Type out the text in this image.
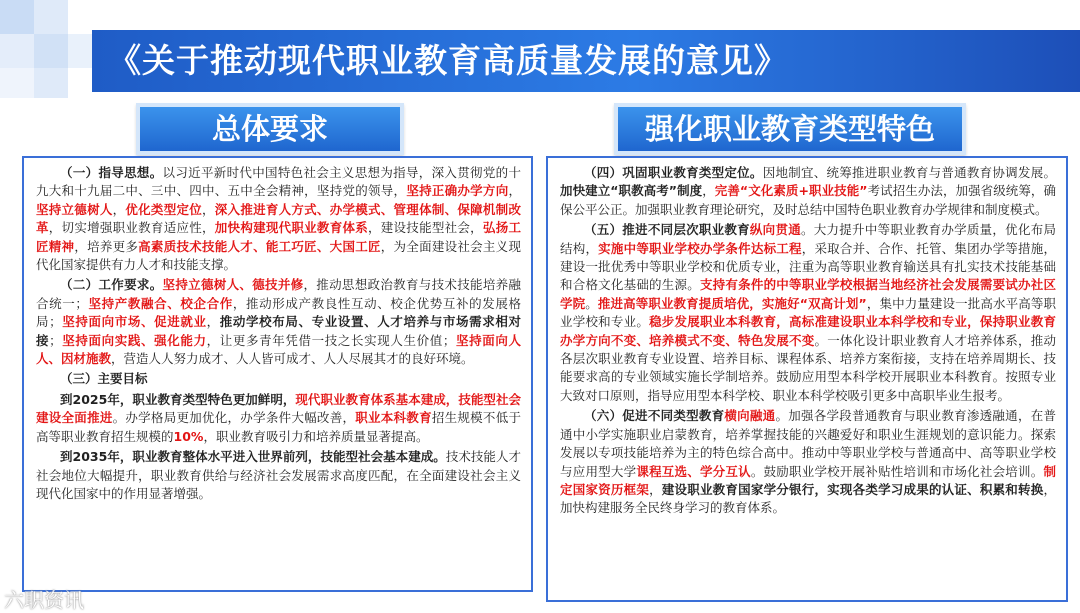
《关于推动现代职业教育高质量发展的意见》
总体要求	强化职业教育类型特色

（一）指导思想。以习近平新时代中国特色社会主义思想为指导，深入贯彻党的十九大和十九届二中、三中、四中、五中全会精神，坚持党的领导，坚持正确办学方向，坚持立德树人，优化类型定位，深入推进育人方式、办学模式、管理体制、保障机制改革，切实增强职业教育适应性，加快构建现代职业教育体系，建设技能型社会，弘扬工匠精神，培养更多高素质技术技能人才、能工巧匠、大国工匠，为全面建设社会主义现代化国家提供有力人才和技能支撑。

（二）工作要求。坚持立德树人、德技并修，推动思想政治教育与技术技能培养融合统一；坚持产教融合、校企合作，推动形成产教良性互动、校企优势互补的发展格局；坚持面向市场、促进就业，推动学校布局、专业设置、人才培养与市场需求相对接；坚持面向实践、强化能力，让更多青年凭借一技之长实现人生价值；坚持面向人人、因材施教，营造人人努力成才、人人皆可成才、人人尽展其才的良好环境。

（三）主要目标

到2025年，职业教育类型特色更加鲜明，现代职业教育体系基本建成，技能型社会建设全面推进。办学格局更加优化，办学条件大幅改善，职业本科教育招生规模不低于高等职业教育招生规模的10%，职业教育吸引力和培养质量显著提高。

到2035年，职业教育整体水平进入世界前列，技能型社会基本建成。技术技能人才社会地位大幅提升，职业教育供给与经济社会发展需求高度匹配，在全面建设社会主义现代化国家中的作用显著增强。

（四）巩固职业教育类型定位。因地制宜、统筹推进职业教育与普通教育协调发展。加快建立“职教高考”制度，完善“文化素质+职业技能”考试招生办法，加强省级统筹，确保公平公正。加强职业教育理论研究，及时总结中国特色职业教育办学规律和制度模式。

（五）推进不同层次职业教育纵向贯通。大力提升中等职业教育办学质量，优化布局结构，实施中等职业学校办学条件达标工程，采取合并、合作、托管、集团办学等措施，建设一批优秀中等职业学校和优质专业，注重为高等职业教育输送具有扎实技术技能基础和合格文化基础的生源。支持有条件的中等职业学校根据当地经济社会发展需要试办社区学院。推进高等职业教育提质培优，实施好“双高计划”，集中力量建设一批高水平高等职业学校和专业。稳步发展职业本科教育，高标准建设职业本科学校和专业，保持职业教育办学方向不变、培养模式不变、特色发展不变。一体化设计职业教育人才培养体系，推动各层次职业教育专业设置、培养目标、课程体系、培养方案衔接，支持在培养周期长、技能要求高的专业领域实施长学制培养。鼓励应用型本科学校开展职业本科教育。按照专业大致对口原则，指导应用型本科学校、职业本科学校吸引更多中高职毕业生报考。

（六）促进不同类型教育横向融通。加强各学段普通教育与职业教育渗透融通，在普通中小学实施职业启蒙教育，培养掌握技能的兴趣爱好和职业生涯规划的意识能力。探索发展以专项技能培养为主的特色综合高中。推动中等职业学校与普通高中、高等职业学校与应用型大学课程互选、学分互认。鼓励职业学校开展补贴性培训和市场化社会培训。制定国家资历框架，建设职业教育国家学分银行，实现各类学习成果的认证、积累和转换，加快构建服务全民终身学习的教育体系。

六职资讯
